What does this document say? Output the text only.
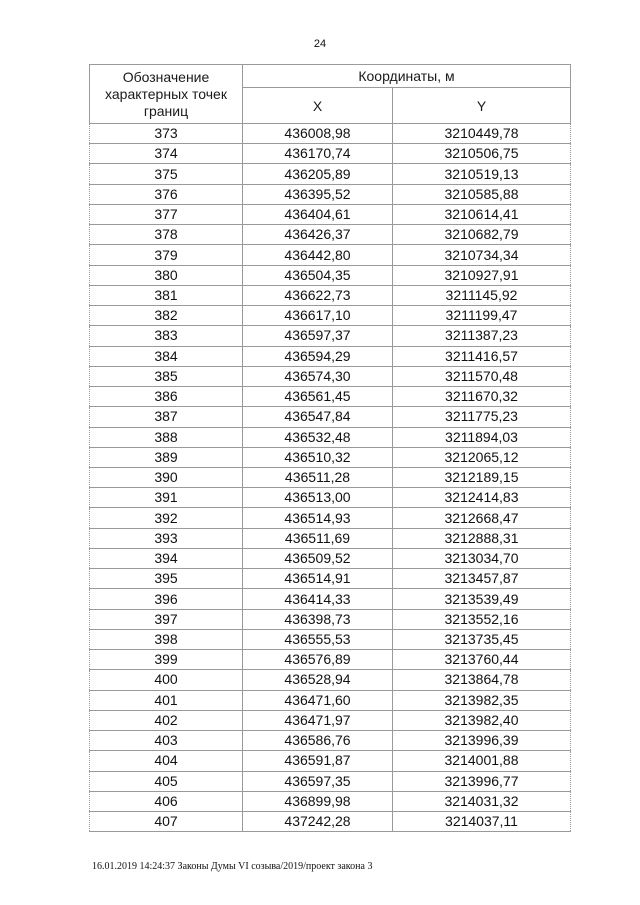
24
Обозначение характерных точек границ	Координаты, м	
	X	Y
373	436008,98	3210449,78
374	436170,74	3210506,75
375	436205,89	3210519,13
376	436395,52	3210585,88
377	436404,61	3210614,41
378	436426,37	3210682,79
379	436442,80	3210734,34
380	436504,35	3210927,91
381	436622,73	3211145,92
382	436617,10	3211199,47
383	436597,37	3211387,23
384	436594,29	3211416,57
385	436574,30	3211570,48
386	436561,45	3211670,32
387	436547,84	3211775,23
388	436532,48	3211894,03
389	436510,32	3212065,12
390	436511,28	3212189,15
391	436513,00	3212414,83
392	436514,93	3212668,47
393	436511,69	3212888,31
394	436509,52	3213034,70
395	436514,91	3213457,87
396	436414,33	3213539,49
397	436398,73	3213552,16
398	436555,53	3213735,45
399	436576,89	3213760,44
400	436528,94	3213864,78
401	436471,60	3213982,35
402	436471,97	3213982,40
403	436586,76	3213996,39
404	436591,87	3214001,88
405	436597,35	3213996,77
406	436899,98	3214031,32
407	437242,28	3214037,11
16.01.2019 14:24:37 Законы Думы VI созыва/2019/проект закона 3
